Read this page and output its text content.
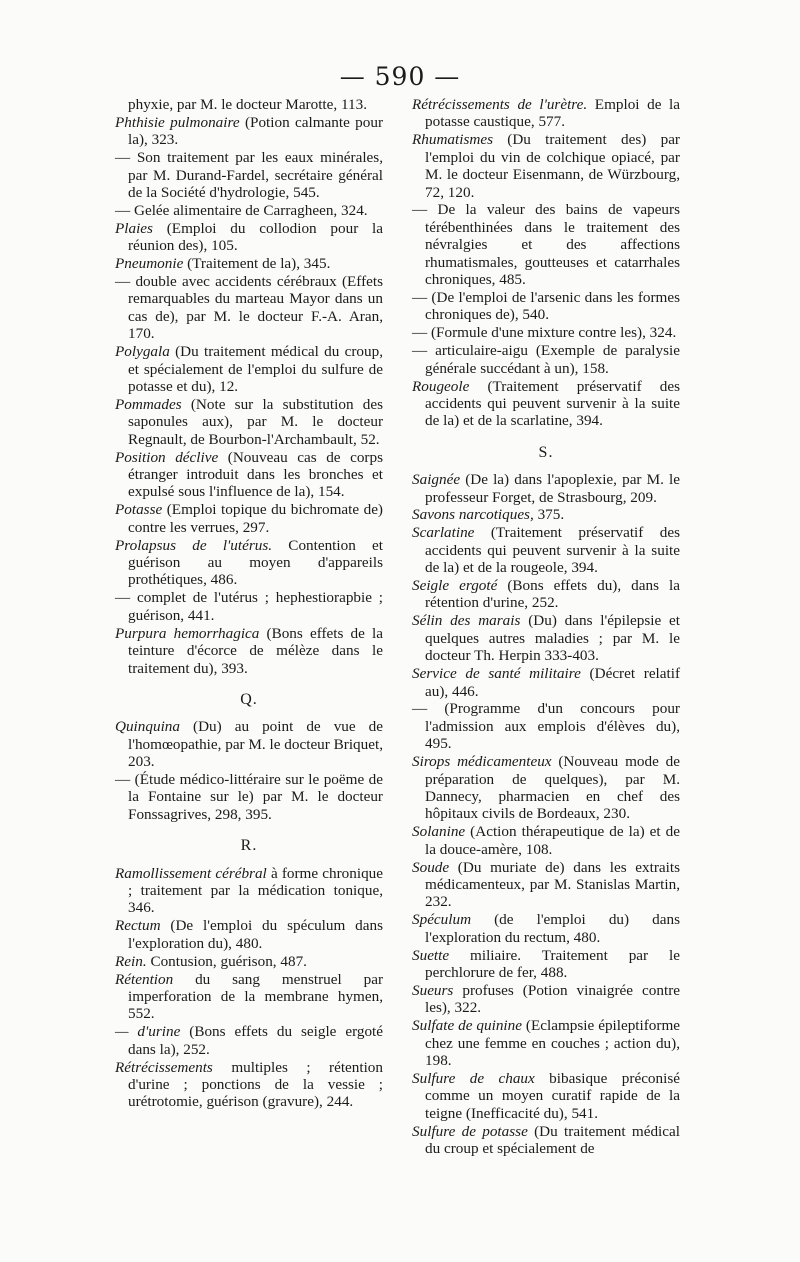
— 590 —
phyxie, par M. le docteur Marotte, 113.
Phthisie pulmonaire (Potion calmante pour la), 323.
— Son traitement par les eaux minérales, par M. Durand-Fardel, secrétaire général de la Société d'hydrologie, 545.
— Gelée alimentaire de Carragheen, 324.
Plaies (Emploi du collodion pour la réunion des), 105.
Pneumonie (Traitement de la), 345.
— double avec accidents cérébraux (Effets remarquables du marteau Mayor dans un cas de), par M. le docteur F.-A. Aran, 170.
Polygala (Du traitement médical du croup, et spécialement de l'emploi du sulfure de potasse et du), 12.
Pommades (Note sur la substitution des saponules aux), par M. le docteur Regnault, de Bourbon-l'Archambault, 52.
Position déclive (Nouveau cas de corps étranger introduit dans les bronches et expulsé sous l'influence de la), 154.
Potasse (Emploi topique du bichromate de) contre les verrues, 297.
Prolapsus de l'utérus. Contention et guérison au moyen d'appareils prothétiques, 486.
— complet de l'utérus ; hephestiorapbie ; guérison, 441.
Purpura hemorrhagica (Bons effets de la teinture d'écorce de mélèze dans le traitement du), 393.
Q.
Quinquina (Du) au point de vue de l'homœopathie, par M. le docteur Briquet, 203.
— (Étude médico-littéraire sur le poëme de la Fontaine sur le) par M. le docteur Fonssagrives, 298, 395.
R.
Ramollissement cérébral à forme chronique ; traitement par la médication tonique, 346.
Rectum (De l'emploi du spéculum dans l'exploration du), 480.
Rein. Contusion, guérison, 487.
Rétention du sang menstruel par imperforation de la membrane hymen, 552.
— d'urine (Bons effets du seigle ergoté dans la), 252.
Rétrécissements multiples ; rétention d'urine ; ponctions de la vessie ; urétrotomie, guérison (gravure), 244.
Rétrécissements de l'urètre. Emploi de la potasse caustique, 577.
Rhumatismes (Du traitement des) par l'emploi du vin de colchique opiacé, par M. le docteur Eisenmann, de Würzbourg, 72, 120.
— De la valeur des bains de vapeurs térébenthinées dans le traitement des névralgies et des affections rhumatismales, goutteuses et catarrhales chroniques, 485.
— (De l'emploi de l'arsenic dans les formes chroniques de), 540.
— (Formule d'une mixture contre les), 324.
— articulaire-aigu (Exemple de paralysie générale succédant à un), 158.
Rougeole (Traitement préservatif des accidents qui peuvent survenir à la suite de la) et de la scarlatine, 394.
S.
Saignée (De la) dans l'apoplexie, par M. le professeur Forget, de Strasbourg, 209.
Savons narcotiques, 375.
Scarlatine (Traitement préservatif des accidents qui peuvent survenir à la suite de la) et de la rougeole, 394.
Seigle ergoté (Bons effets du), dans la rétention d'urine, 252.
Sélin des marais (Du) dans l'épilepsie et quelques autres maladies ; par M. le docteur Th. Herpin 333-403.
Service de santé militaire (Décret relatif au), 446.
— (Programme d'un concours pour l'admission aux emplois d'élèves du), 495.
Sirops médicamenteux (Nouveau mode de préparation de quelques), par M. Dannecy, pharmacien en chef des hôpitaux civils de Bordeaux, 230.
Solanine (Action thérapeutique de la) et de la douce-amère, 108.
Soude (Du muriate de) dans les extraits médicamenteux, par M. Stanislas Martin, 232.
Spéculum (de l'emploi du) dans l'exploration du rectum, 480.
Suette miliaire. Traitement par le perchlorure de fer, 488.
Sueurs profuses (Potion vinaigrée contre les), 322.
Sulfate de quinine (Eclampsie épileptiforme chez une femme en couches ; action du), 198.
Sulfure de chaux bibasique préconisé comme un moyen curatif rapide de la teigne (Inefficacité du), 541.
Sulfure de potasse (Du traitement médical du croup et spécialement de
